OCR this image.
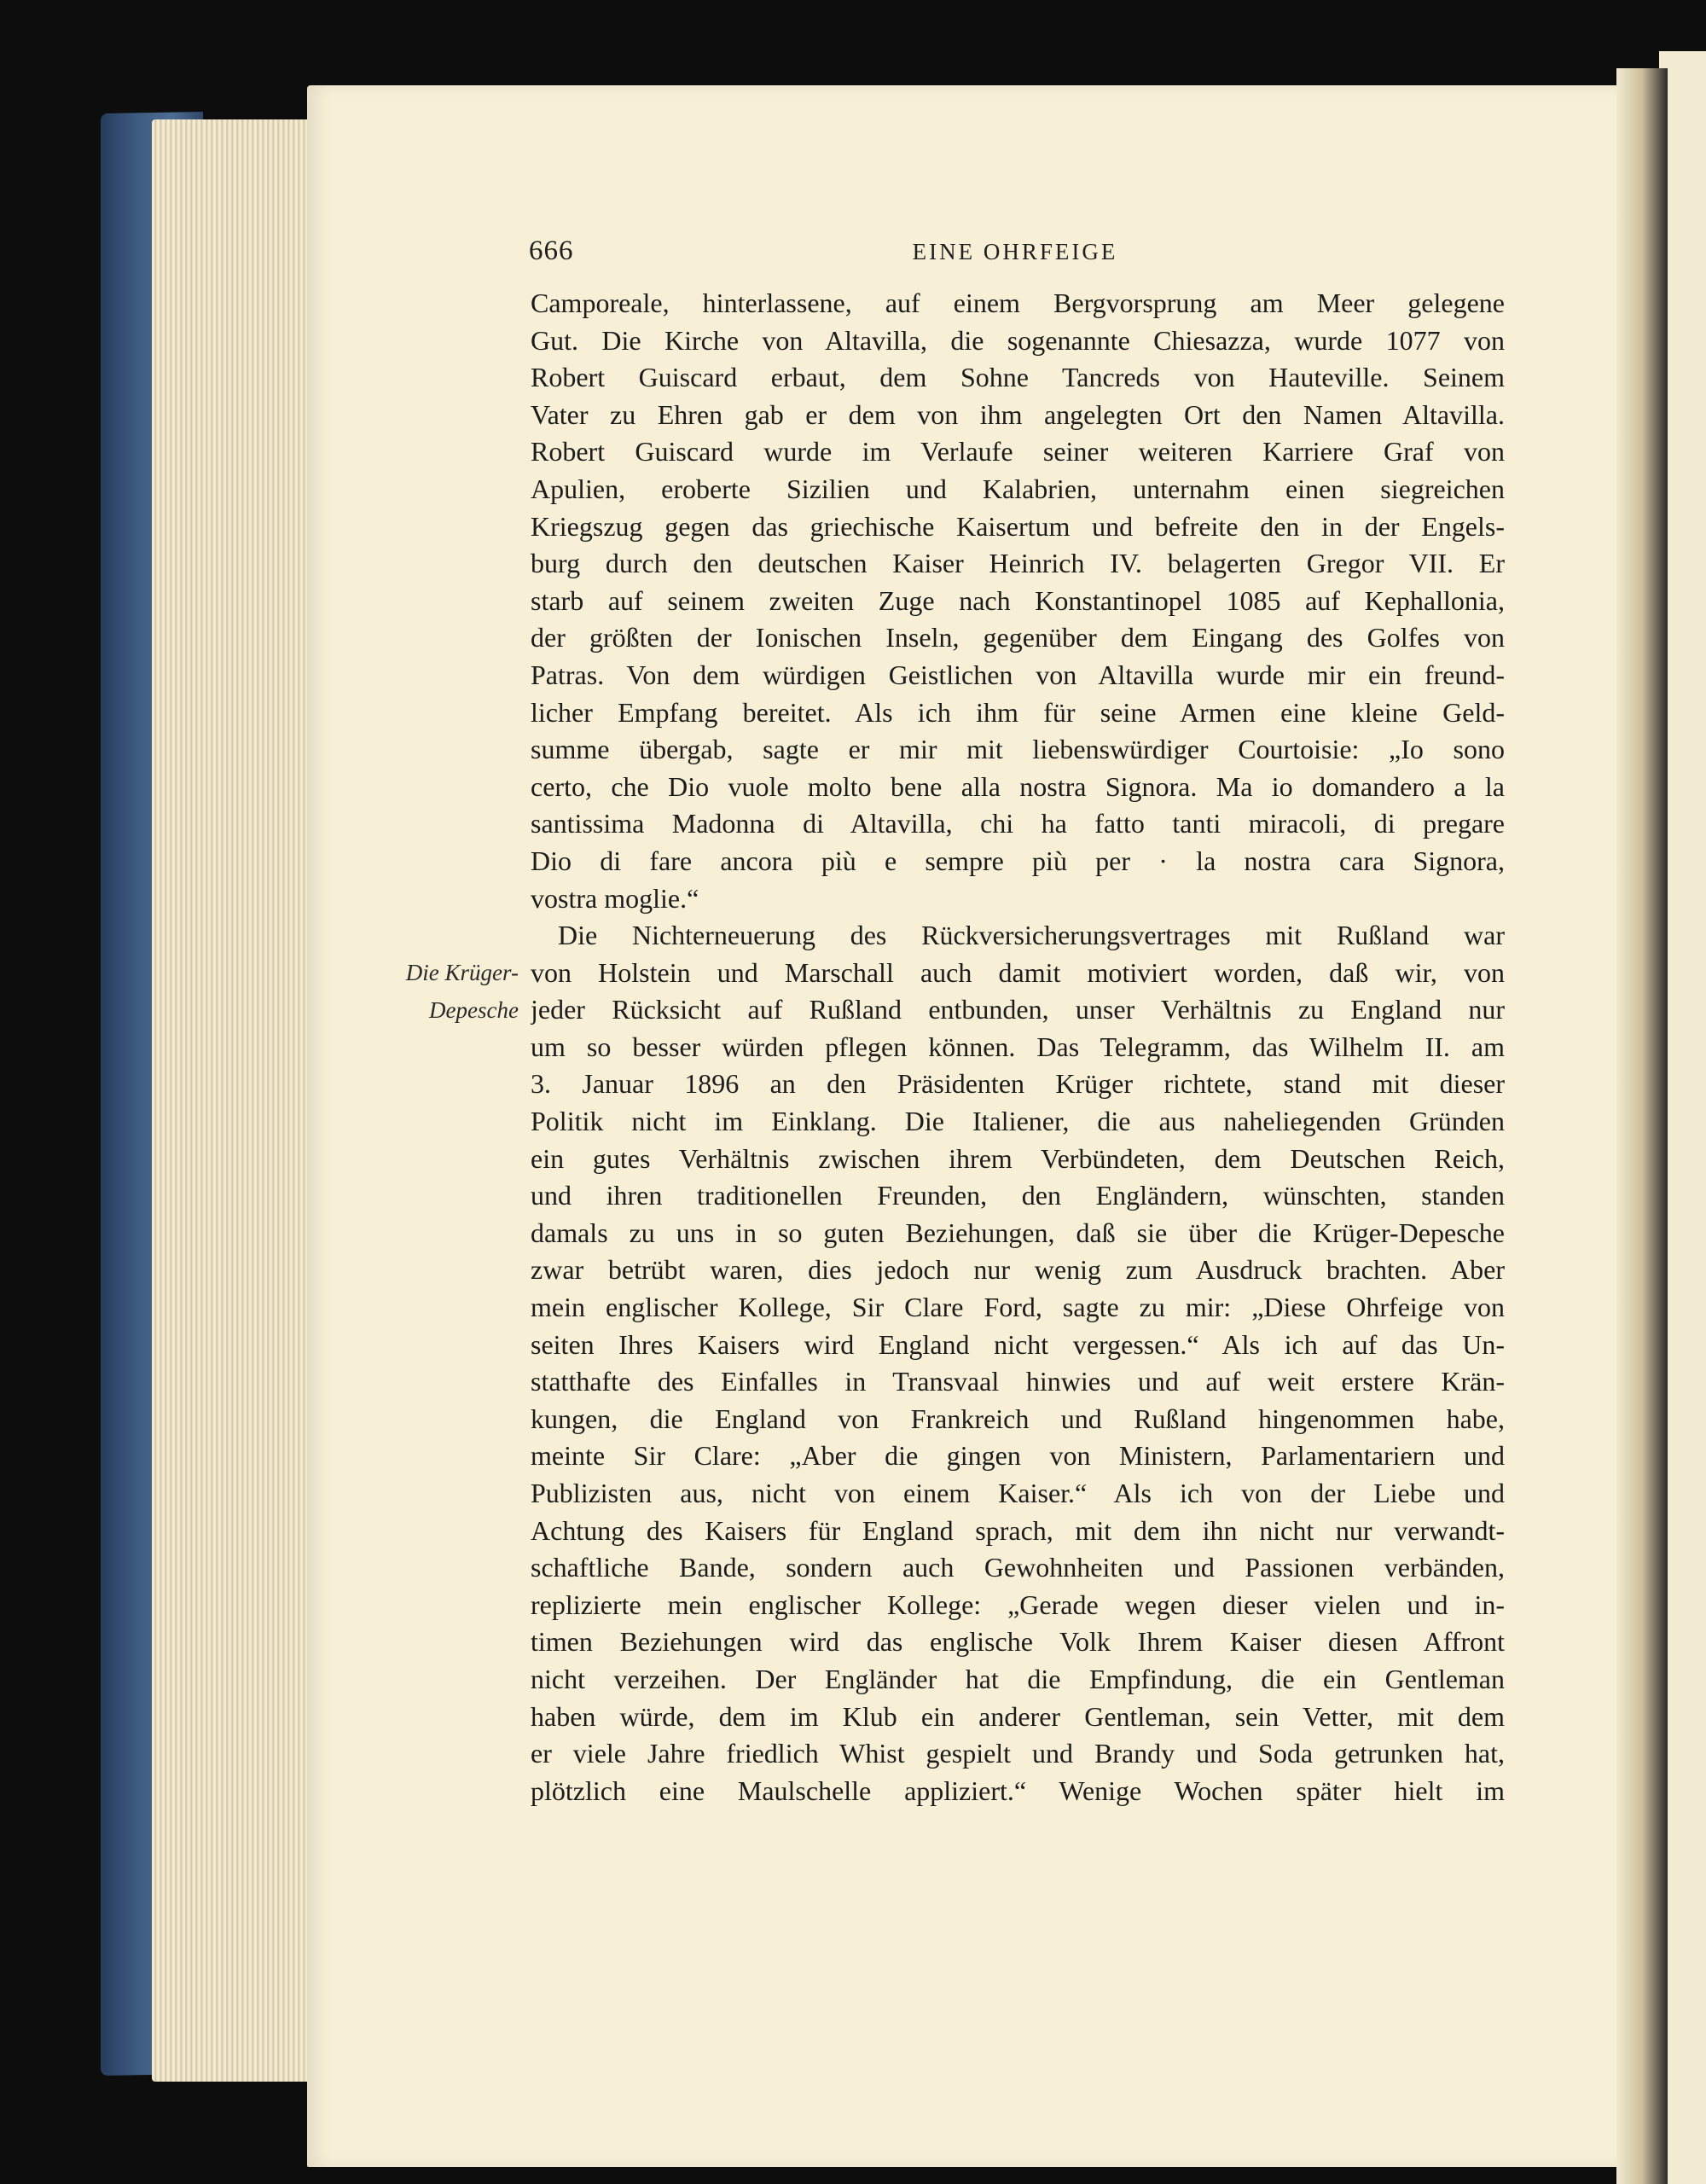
666	EINE OHRFEIGE
Die Krüger-
Depesche
Camporeale, hinterlassene, auf einem Bergvorsprung am Meer gelegene
Gut. Die Kirche von Altavilla, die sogenannte Chiesazza, wurde 1077 von
Robert Guiscard erbaut, dem Sohne Tancreds von Hauteville. Seinem
Vater zu Ehren gab er dem von ihm angelegten Ort den Namen Altavilla.
Robert Guiscard wurde im Verlaufe seiner weiteren Karriere Graf von
Apulien, eroberte Sizilien und Kalabrien, unternahm einen siegreichen
Kriegszug gegen das griechische Kaisertum und befreite den in der Engels-
burg durch den deutschen Kaiser Heinrich IV. belagerten Gregor VII. Er
starb auf seinem zweiten Zuge nach Konstantinopel 1085 auf Kephallonia,
der größten der Ionischen Inseln, gegenüber dem Eingang des Golfes von
Patras. Von dem würdigen Geistlichen von Altavilla wurde mir ein freund-
licher Empfang bereitet. Als ich ihm für seine Armen eine kleine Geld-
summe übergab, sagte er mir mit liebenswürdiger Courtoisie: „Io sono
certo, che Dio vuole molto bene alla nostra Signora. Ma io domandero a la
santissima Madonna di Altavilla, chi ha fatto tanti miracoli, di pregare
Dio di fare ancora più e sempre più per · la nostra cara Signora,
vostra moglie.“
Die Nichterneuerung des Rückversicherungsvertrages mit Rußland war
von Holstein und Marschall auch damit motiviert worden, daß wir, von
jeder Rücksicht auf Rußland entbunden, unser Verhältnis zu England nur
um so besser würden pflegen können. Das Telegramm, das Wilhelm II. am
3. Januar 1896 an den Präsidenten Krüger richtete, stand mit dieser
Politik nicht im Einklang. Die Italiener, die aus naheliegenden Gründen
ein gutes Verhältnis zwischen ihrem Verbündeten, dem Deutschen Reich,
und ihren traditionellen Freunden, den Engländern, wünschten, standen
damals zu uns in so guten Beziehungen, daß sie über die Krüger-Depesche
zwar betrübt waren, dies jedoch nur wenig zum Ausdruck brachten. Aber
mein englischer Kollege, Sir Clare Ford, sagte zu mir: „Diese Ohrfeige von
seiten Ihres Kaisers wird England nicht vergessen.“ Als ich auf das Un-
statthafte des Einfalles in Transvaal hinwies und auf weit erstere Krän-
kungen, die England von Frankreich und Rußland hingenommen habe,
meinte Sir Clare: „Aber die gingen von Ministern, Parlamentariern und
Publizisten aus, nicht von einem Kaiser.“ Als ich von der Liebe und
Achtung des Kaisers für England sprach, mit dem ihn nicht nur verwandt-
schaftliche Bande, sondern auch Gewohnheiten und Passionen verbänden,
replizierte mein englischer Kollege: „Gerade wegen dieser vielen und in-
timen Beziehungen wird das englische Volk Ihrem Kaiser diesen Affront
nicht verzeihen. Der Engländer hat die Empfindung, die ein Gentleman
haben würde, dem im Klub ein anderer Gentleman, sein Vetter, mit dem
er viele Jahre friedlich Whist gespielt und Brandy und Soda getrunken hat,
plötzlich eine Maulschelle appliziert.“ Wenige Wochen später hielt im
